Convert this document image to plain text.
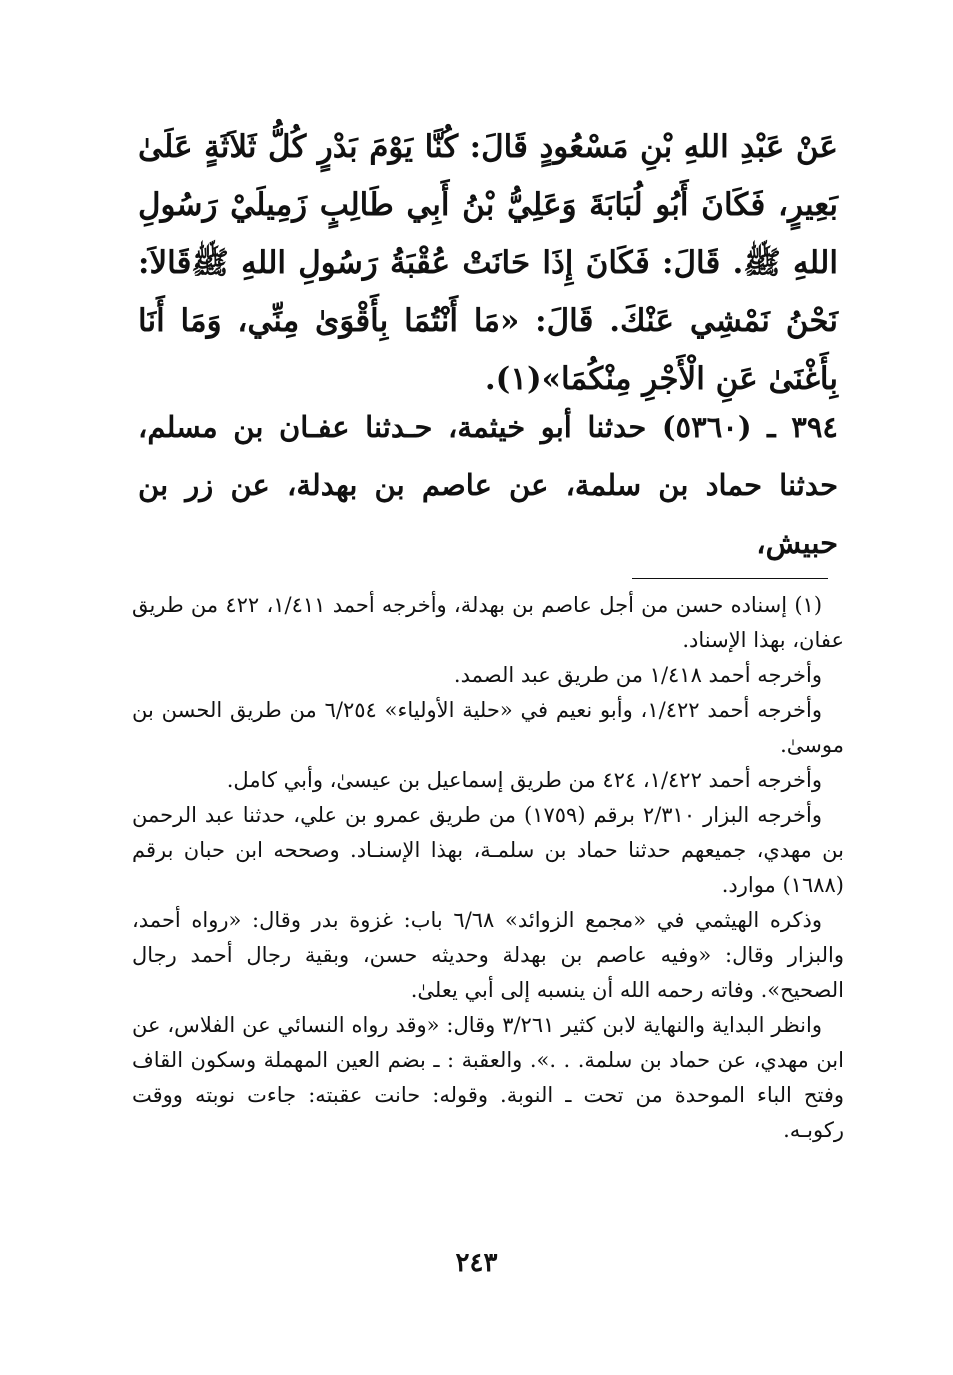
عَنْ عَبْدِ اللهِ بْنِ مَسْعُودٍ قَالَ: كُنَّا يَوْمَ بَدْرٍ كُلُّ ثَلاَثَةٍ عَلَىٰ بَعِيرٍ، فَكَانَ أَبُو لُبَابَةَ وَعَلِيُّ بْنُ أَبِي طَالِبٍ زَمِيلَيْ رَسُولِ اللهِ ﷺ. قَالَ: فَكَانَ إِذَا حَانَتْ عُقْبَةُ رَسُولِ اللهِ ﷺقَالاَ: نَحْنُ نَمْشِي عَنْكَ. قَالَ: «مَا أَنْتُمَا بِأَقْوَىٰ مِنِّي، وَمَا أَنَا بِأَغْنَىٰ عَنِ الْأَجْرِ مِنْكُمَا»(١).

٣٩٤ ـ (٥٣٦٠) حدثنا أبو خيثمة، حـدثنا عفـان بن مسلم، حدثنا حماد بن سلمة، عن عاصم بن بهدلة، عن زر بن حبيش،

(١) إسناده حسن من أجل عاصم بن بهدلة، وأخرجه أحمد ١/٤١١، ٤٢٢ من طريق عفان، بهذا الإسناد.

وأخرجه أحمد ١/٤١٨ من طريق عبد الصمد.

وأخرجه أحمد ١/٤٢٢، وأبو نعيم في «حلية الأولياء» ٦/٢٥٤ من طريق الحسن بن موسىٰ.

وأخرجه أحمد ١/٤٢٢، ٤٢٤ من طريق إسماعيل بن عيسىٰ، وأبي كامل.

وأخرجه البزار ٢/٣١٠ برقم (١٧٥٩) من طريق عمرو بن علي، حدثنا عبد الرحمن بن مهدي، جميعهم حدثنا حماد بن سلمـة، بهذا الإسنـاد. وصححه ابن حبان برقم (١٦٨٨) موارد.

وذكره الهيثمي في «مجمع الزوائد» ٦/٦٨ باب: غزوة بدر وقال: «رواه أحمد، والبزار وقال: «وفيه عاصم بن بهدلة وحديثه حسن، وبقية رجال أحمد رجال الصحيح». وفاته رحمه الله أن ينسبه إلى أبي يعلىٰ.

وانظر البداية والنهاية لابن كثير ٣/٢٦١ وقال: «وقد رواه النسائي عن الفلاس، عن ابن مهدي، عن حماد بن سلمة. . .». والعقبة : ـ بضم العين المهملة وسكون القاف وفتح الباء الموحدة من تحت ـ النوبة. وقوله: حانت عقبته: جاءت نوبته ووقت ركوبـه.

٢٤٣
